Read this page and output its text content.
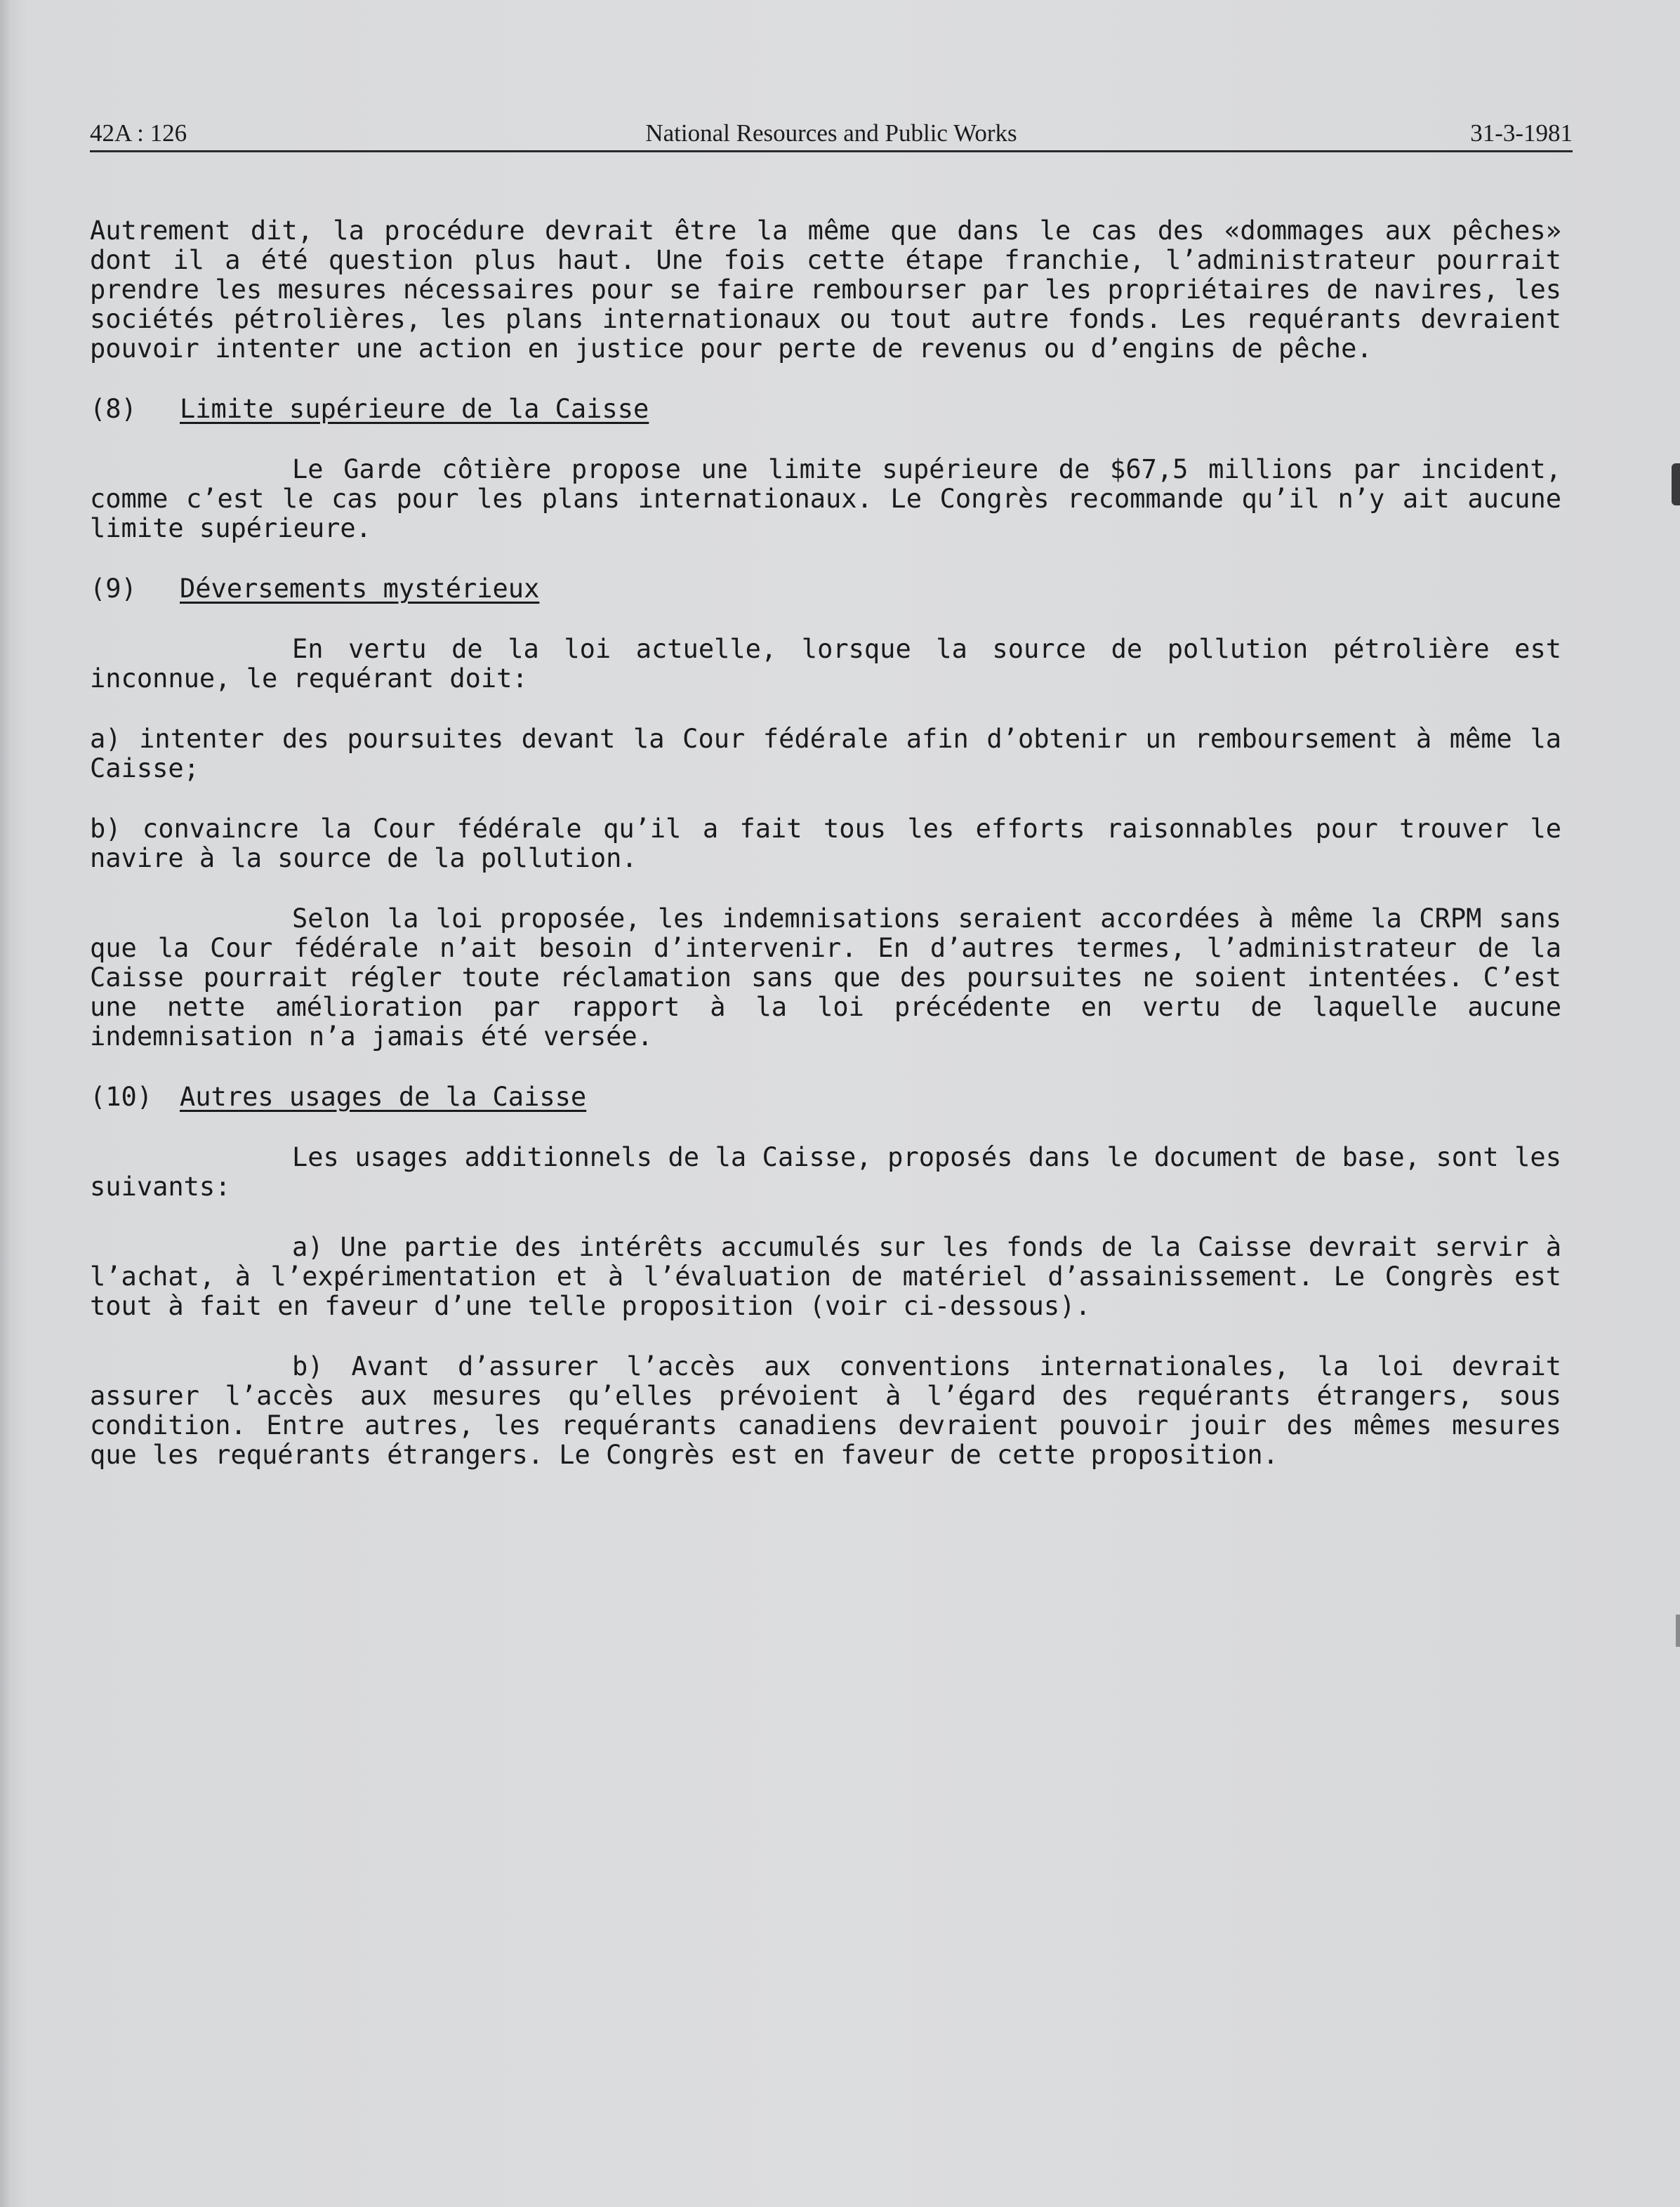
National Resources and Public Works
42A : 126	31-3-1981

Autrement dit, la procédure devrait être la même que dans le cas des «dommages aux pêches» dont il a été question plus haut. Une fois cette étape franchie, l’administrateur pourrait prendre les mesures nécessaires pour se faire rembourser par les propriétaires de navires, les sociétés pétrolières, les plans internationaux ou tout autre fonds. Les requérants devraient pouvoir intenter une action en justice pour perte de revenus ou d’engins de pêche.

(8) Limite supérieure de la Caisse

Le Garde côtière propose une limite supérieure de $67,5 millions par incident, comme c’est le cas pour les plans internationaux. Le Congrès recommande qu’il n’y ait aucune limite supérieure.

(9) Déversements mystérieux

En vertu de la loi actuelle, lorsque la source de pollution pétrolière est inconnue, le requérant doit:

a) intenter des poursuites devant la Cour fédérale afin d’obtenir un remboursement à même la Caisse;

b) convaincre la Cour fédérale qu’il a fait tous les efforts raisonnables pour trouver le navire à la source de la pollution.

Selon la loi proposée, les indemnisations seraient accordées à même la CRPM sans que la Cour fédérale n’ait besoin d’intervenir. En d’autres termes, l’administrateur de la Caisse pourrait régler toute réclamation sans que des poursuites ne soient intentées. C’est une nette amélioration par rapport à la loi précédente en vertu de laquelle aucune indemnisation n’a jamais été versée.

(10) Autres usages de la Caisse

Les usages additionnels de la Caisse, proposés dans le document de base, sont les suivants:

a) Une partie des intérêts accumulés sur les fonds de la Caisse devrait servir à l’achat, à l’expérimentation et à l’évaluation de matériel d’assainissement. Le Congrès est tout à fait en faveur d’une telle proposition (voir ci-dessous).

b) Avant d’assurer l’accès aux conventions internationales, la loi devrait assurer l’accès aux mesures qu’elles prévoient à l’égard des requérants étrangers, sous condition. Entre autres, les requérants canadiens devraient pouvoir jouir des mêmes mesures que les requérants étrangers. Le Congrès est en faveur de cette proposition.
